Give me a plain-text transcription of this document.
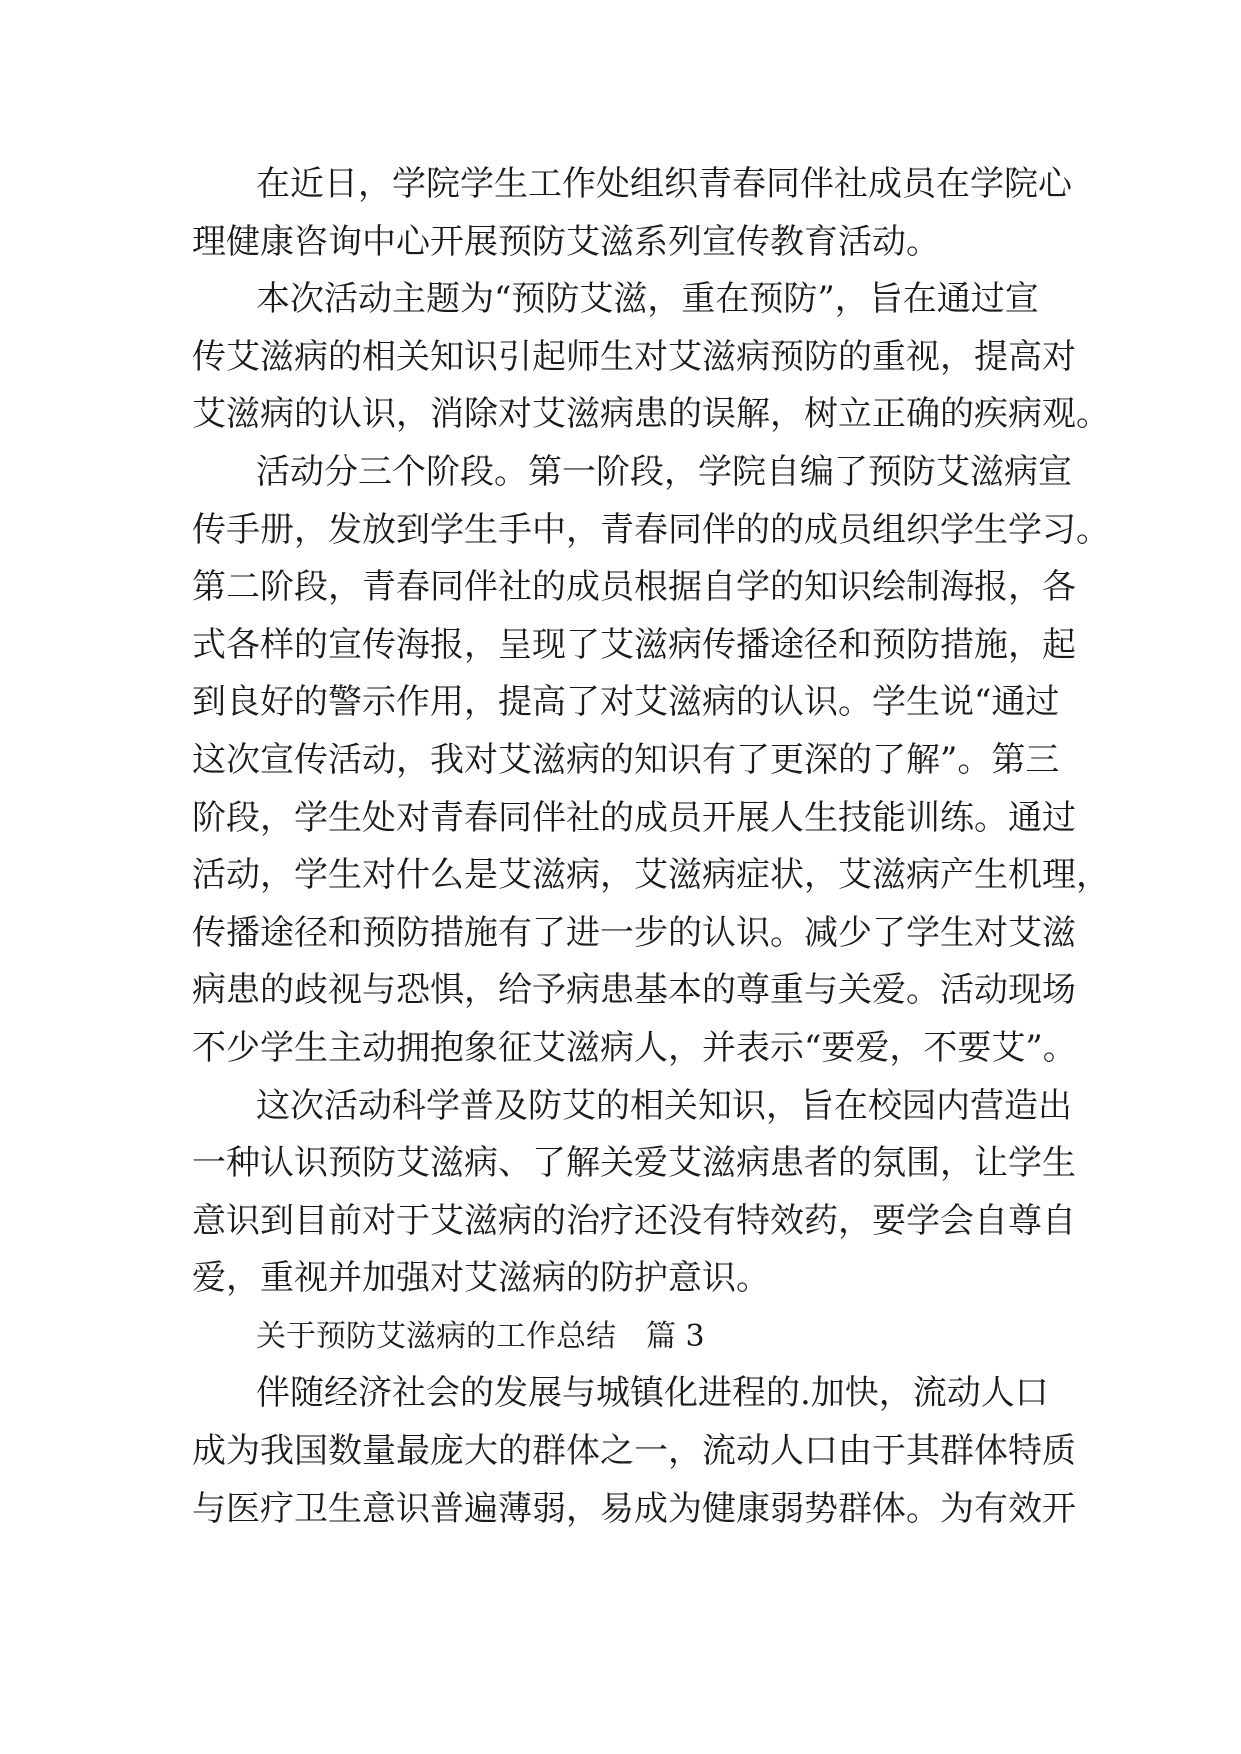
在近日，学院学生工作处组织青春同伴社成员在学院心
理健康咨询中心开展预防艾滋系列宣传教育活动。
本次活动主题为“预防艾滋，重在预防”，旨在通过宣
传艾滋病的相关知识引起师生对艾滋病预防的重视，提高对
艾滋病的认识，消除对艾滋病患的误解，树立正确的疾病观。
活动分三个阶段。第一阶段，学院自编了预防艾滋病宣
传手册，发放到学生手中，青春同伴的的成员组织学生学习。
第二阶段，青春同伴社的成员根据自学的知识绘制海报，各
式各样的宣传海报，呈现了艾滋病传播途径和预防措施，起
到良好的警示作用，提高了对艾滋病的认识。学生说“通过
这次宣传活动，我对艾滋病的知识有了更深的了解”。第三
阶段，学生处对青春同伴社的成员开展人生技能训练。通过
活动，学生对什么是艾滋病，艾滋病症状，艾滋病产生机理，
传播途径和预防措施有了进一步的认识。减少了学生对艾滋
病患的歧视与恐惧，给予病患基本的尊重与关爱。活动现场
不少学生主动拥抱象征艾滋病人，并表示“要爱，不要艾”。
这次活动科学普及防艾的相关知识，旨在校园内营造出
一种认识预防艾滋病、了解关爱艾滋病患者的氛围，让学生
意识到目前对于艾滋病的治疗还没有特效药，要学会自尊自
爱，重视并加强对艾滋病的防护意识。
关于预防艾滋病的工作总结　篇 3
伴随经济社会的发展与城镇化进程的.加快，流动人口
成为我国数量最庞大的群体之一，流动人口由于其群体特质
与医疗卫生意识普遍薄弱，易成为健康弱势群体。为有效开
